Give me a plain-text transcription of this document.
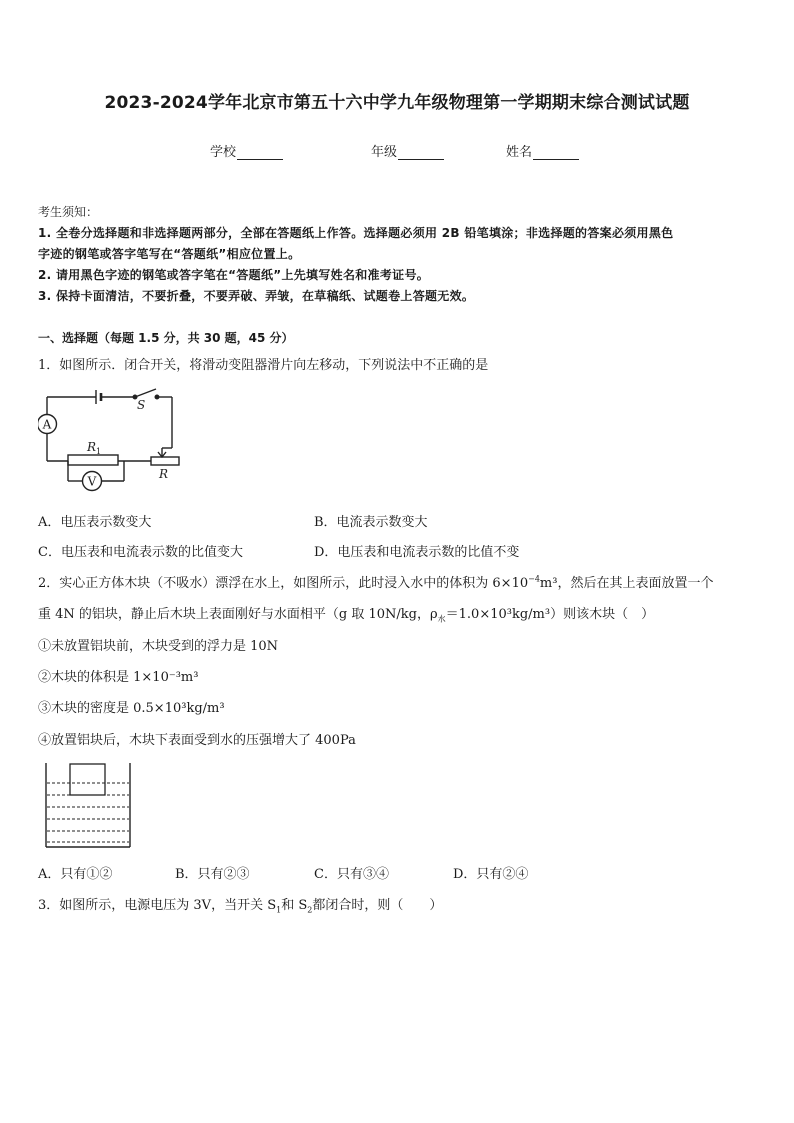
2023-2024学年北京市第五十六中学九年级物理第一学期期末综合测试试题
学校	年级	姓名
考生须知：
1. 全卷分选择题和非选择题两部分，全部在答题纸上作答。选择题必须用 2B 铅笔填涂；非选择题的答案必须用黑色
字迹的钢笔或答字笔写在“答题纸”相应位置上。
2. 请用黑色字迹的钢笔或答字笔在“答题纸”上先填写姓名和准考证号。
3. 保持卡面清洁，不要折叠，不要弄破、弄皱，在草稿纸、试题卷上答题无效。
一、选择题（每题 1.5 分，共 30 题，45 分）
1．如图所示．闭合开关，将滑动变阻器滑片向左移动，下列说法中不正确的是
A
V
S
R 1
R
A．电压表示数变大	B．电流表示数变大
C．电压表和电流表示数的比值变大	D．电压表和电流表示数的比值不变
2．实心正方体木块（不吸水）漂浮在水上，如图所示，此时浸入水中的体积为 $6\times 10^{-4}m^3$，然后在其上表面放置一个
重 4N 的铝块，静止后木块上表面刚好与水面相平（g 取 10N/kg，$\rho_水=1.0\times 10^3kg/m^3$）则该木块（　）
①未放置铝块前，木块受到的浮力是 10N
②木块的体积是 1×10⁻³m³
③木块的密度是 0.5×10³kg/m³
④放置铝块后，木块下表面受到水的压强增大了 400Pa
A．只有①②	B．只有②③	C．只有③④	D．只有②④
3．如图所示，电源电压为 3V，当开关 $S_1$和 $S_2$都闭合时，则（　　）
